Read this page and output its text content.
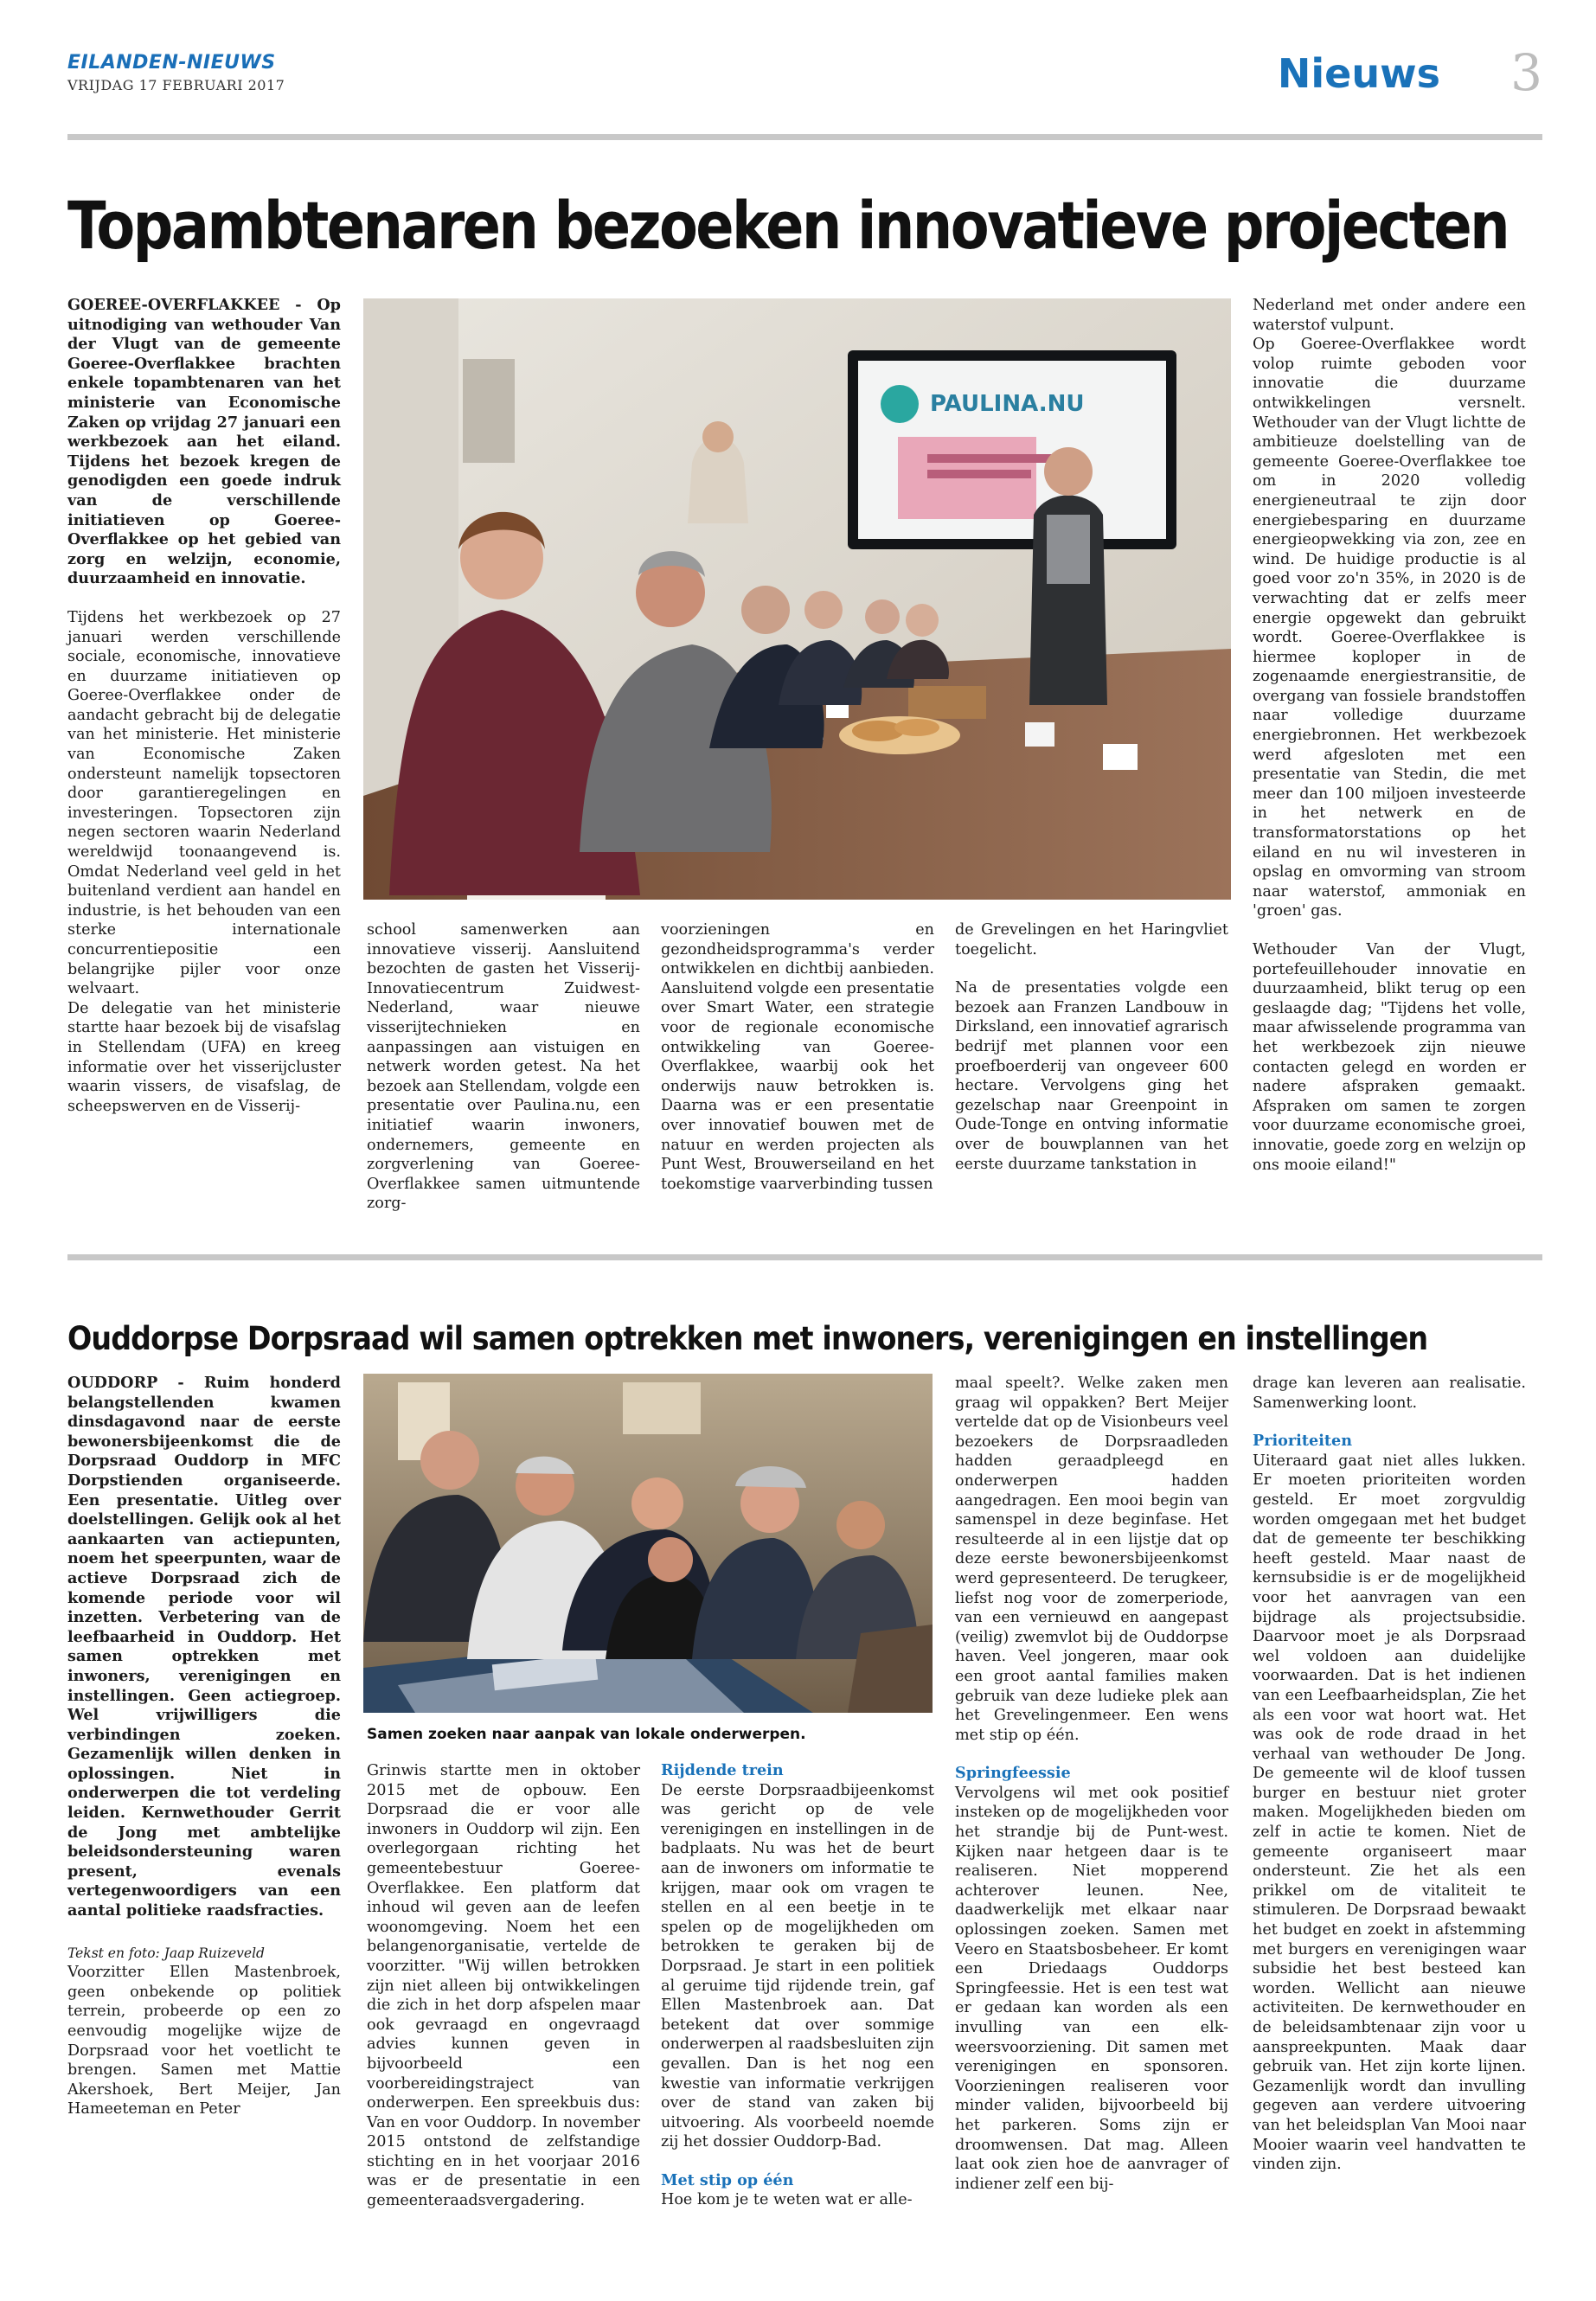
EILANDEN-NIEUWS
VRIJDAG 17 FEBRUARI 2017	Nieuws 3
Topambtenaren bezoeken innovatieve projecten

GOEREE-OVERFLAKKEE - Op uitnodiging van wethouder Van der Vlugt van de gemeente Goeree-Overflakkee brachten enkele topambtenaren van het ministerie van Economische Zaken op vrijdag 27 januari een werkbezoek aan het eiland. Tijdens het bezoek kregen de genodigden een goede indruk van de verschillende initiatieven op Goeree-Overflakkee op het gebied van zorg en welzijn, economie, duurzaamheid en innovatie.

Tijdens het werkbezoek op 27 januari werden verschillende sociale, economische, innovatieve en duurzame initiatieven op Goeree-Overflakkee onder de aandacht gebracht bij de delegatie van het ministerie. Het ministerie van Economische Zaken ondersteunt namelijk topsectoren door garantieregelingen en investeringen. Topsectoren zijn negen sectoren waarin Nederland wereldwijd toonaangevend is. Omdat Nederland veel geld in het buitenland verdient aan handel en industrie, is het behouden van een sterke internationale concurrentiepositie een belangrijke pijler voor onze welvaart.

De delegatie van het ministerie startte haar bezoek bij de visafslag in Stellendam (UFA) en kreeg informatie over het visserijcluster waarin vissers, de visafslag, de scheepswerven en de Visserij-

PAULINA.NU

school samenwerken aan innovatieve visserij. Aansluitend bezochten de gasten het Visserij-Innovatiecentrum Zuidwest-Nederland, waar nieuwe visserijtechnieken en aanpassingen aan vistuigen en netwerk worden getest. Na het bezoek aan Stellendam, volgde een presentatie over Paulina.nu, een initiatief waarin inwoners, ondernemers, gemeente en zorgverlening van Goeree-Overflakkee samen uitmuntende zorg-

voorzieningen en gezondheidsprogramma's verder ontwikkelen en dichtbij aanbieden. Aansluitend volgde een presentatie over Smart Water, een strategie voor de regionale economische ontwikkeling van Goeree-Overflakkee, waarbij ook het onderwijs nauw betrokken is. Daarna was er een presentatie over innovatief bouwen met de natuur en werden projecten als Punt West, Brouwerseiland en het toekomstige vaarverbinding tussen

de Grevelingen en het Haringvliet toegelicht.

Na de presentaties volgde een bezoek aan Franzen Landbouw in Dirksland, een innovatief agrarisch bedrijf met plannen voor een proefboerderij van ongeveer 600 hectare. Vervolgens ging het gezelschap naar Greenpoint in Oude-Tonge en ontving informatie over de bouwplannen van het eerste duurzame tankstation in

Nederland met onder andere een waterstof vulpunt.

Op Goeree-Overflakkee wordt volop ruimte geboden voor innovatie die duurzame ontwikkelingen versnelt. Wethouder van der Vlugt lichtte de ambitieuze doelstelling van de gemeente Goeree-Overflakkee toe om in 2020 volledig energieneutraal te zijn door energiebesparing en duurzame energieopwekking via zon, zee en wind. De huidige productie is al goed voor zo'n 35%, in 2020 is de verwachting dat er zelfs meer energie opgewekt dan gebruikt wordt. Goeree-Overflakkee is hiermee koploper in de zogenaamde energiestransitie, de overgang van fossiele brandstoffen naar volledige duurzame energiebronnen. Het werkbezoek werd afgesloten met een presentatie van Stedin, die met meer dan 100 miljoen investeerde in het netwerk en de transformatorstations op het eiland en nu wil investeren in opslag en omvorming van stroom naar waterstof, ammoniak en 'groen' gas.

Wethouder Van der Vlugt, portefeuillehouder innovatie en duurzaamheid, blikt terug op een geslaagde dag; "Tijdens het volle, maar afwisselende programma van het werkbezoek zijn nieuwe contacten gelegd en worden er nadere afspraken gemaakt. Afspraken om samen te zorgen voor duurzame economische groei, innovatie, goede zorg en welzijn op ons mooie eiland!"

Ouddorpse Dorpsraad wil samen optrekken met inwoners, verenigingen en instellingen

OUDDORP - Ruim honderd belangstellenden kwamen dinsdagavond naar de eerste bewonersbijeenkomst die de Dorpsraad Ouddorp in MFC Dorpstienden organiseerde. Een presentatie. Uitleg over doelstellingen. Gelijk ook al het aankaarten van actiepunten, noem het speerpunten, waar de actieve Dorpsraad zich de komende periode voor wil inzetten. Verbetering van de leefbaarheid in Ouddorp. Het samen optrekken met inwoners, verenigingen en instellingen. Geen actiegroep. Wel vrijwilligers die verbindingen zoeken. Gezamenlijk willen denken in oplossingen. Niet in onderwerpen die tot verdeling leiden. Kernwethouder Gerrit de Jong met ambtelijke beleidsondersteuning waren present, evenals vertegenwoordigers van een aantal politieke raadsfracties.

Tekst en foto: Jaap Ruizeveld

Voorzitter Ellen Mastenbroek, geen onbekende op politiek terrein, probeerde op een zo eenvoudig mogelijke wijze de Dorpsraad voor het voetlicht te brengen. Samen met Mattie Akershoek, Bert Meijer, Jan Hameeteman en Peter

Samen zoeken naar aanpak van lokale onderwerpen.

Grinwis startte men in oktober 2015 met de opbouw. Een Dorpsraad die er voor alle inwoners in Ouddorp wil zijn. Een overlegorgaan richting het gemeentebestuur Goeree-Overflakkee. Een platform dat inhoud wil geven aan de leefen woonomgeving. Noem het een belangenorganisatie, vertelde de voorzitter. "Wij willen betrokken zijn niet alleen bij ontwikkelingen die zich in het dorp afspelen maar ook gevraagd en ongevraagd advies kunnen geven in bijvoorbeeld een voorbereidingstraject van onderwerpen. Een spreekbuis dus: Van en voor Ouddorp. In november 2015 ontstond de zelfstandige stichting en in het voorjaar 2016 was er de presentatie in een gemeenteraadsvergadering.

Rijdende trein

De eerste Dorpsraadbijeenkomst was gericht op de vele verenigingen en instellingen in de badplaats. Nu was het de beurt aan de inwoners om informatie te krijgen, maar ook om vragen te stellen en al een beetje in te spelen op de mogelijkheden om betrokken te geraken bij de Dorpsraad. Je start in een politiek al geruime tijd rijdende trein, gaf Ellen Mastenbroek aan. Dat betekent dat over sommige onderwerpen al raadsbesluiten zijn gevallen. Dan is het nog een kwestie van informatie verkrijgen over de stand van zaken bij uitvoering. Als voorbeeld noemde zij het dossier Ouddorp-Bad.

Met stip op één

Hoe kom je te weten wat er alle-

maal speelt?. Welke zaken men graag wil oppakken? Bert Meijer vertelde dat op de Visionbeurs veel bezoekers de Dorpsraadleden hadden geraadpleegd en onderwerpen hadden aangedragen. Een mooi begin van samenspel in deze beginfase. Het resulteerde al in een lijstje dat op deze eerste bewonersbijeenkomst werd gepresenteerd. De terugkeer, liefst nog voor de zomerperiode, van een vernieuwd en aangepast (veilig) zwemvlot bij de Ouddorpse haven. Veel jongeren, maar ook een groot aantal families maken gebruik van deze ludieke plek aan het Grevelingenmeer. Een wens met stip op één.

Springfeessie

Vervolgens wil met ook positief insteken op de mogelijkheden voor het strandje bij de Punt-west. Kijken naar hetgeen daar is te realiseren. Niet mopperend achterover leunen. Nee, daadwerkelijk met elkaar naar oplossingen zoeken. Samen met Veero en Staatsbosbeheer. Er komt een Driedaags Ouddorps Springfeessie. Het is een test wat er gedaan kan worden als een invulling van een elk-weersvoorziening. Dit samen met verenigingen en sponsoren. Voorzieningen realiseren voor minder validen, bijvoorbeeld bij het parkeren. Soms zijn er droomwensen. Dat mag. Alleen laat ook zien hoe de aanvrager of indiener zelf een bij-

drage kan leveren aan realisatie. Samenwerking loont.

Prioriteiten

Uiteraard gaat niet alles lukken. Er moeten prioriteiten worden gesteld. Er moet zorgvuldig worden omgegaan met het budget dat de gemeente ter beschikking heeft gesteld. Maar naast de kernsubsidie is er de mogelijkheid voor het aanvragen van een bijdrage als projectsubsidie. Daarvoor moet je als Dorpsraad wel voldoen aan duidelijke voorwaarden. Dat is het indienen van een Leefbaarheidsplan, Zie het als een voor wat hoort wat. Het was ook de rode draad in het verhaal van wethouder De Jong. De gemeente wil de kloof tussen burger en bestuur niet groter maken. Mogelijkheden bieden om zelf in actie te komen. Niet de gemeente organiseert maar ondersteunt. Zie het als een prikkel om de vitaliteit te stimuleren. De Dorpsraad bewaakt het budget en zoekt in afstemming met burgers en verenigingen waar subsidie het best besteed kan worden. Wellicht aan nieuwe activiteiten. De kernwethouder en de beleidsambtenaar zijn voor u aanspreekpunten. Maak daar gebruik van. Het zijn korte lijnen. Gezamenlijk wordt dan invulling gegeven aan verdere uitvoering van het beleidsplan Van Mooi naar Mooier waarin veel handvatten te vinden zijn.
